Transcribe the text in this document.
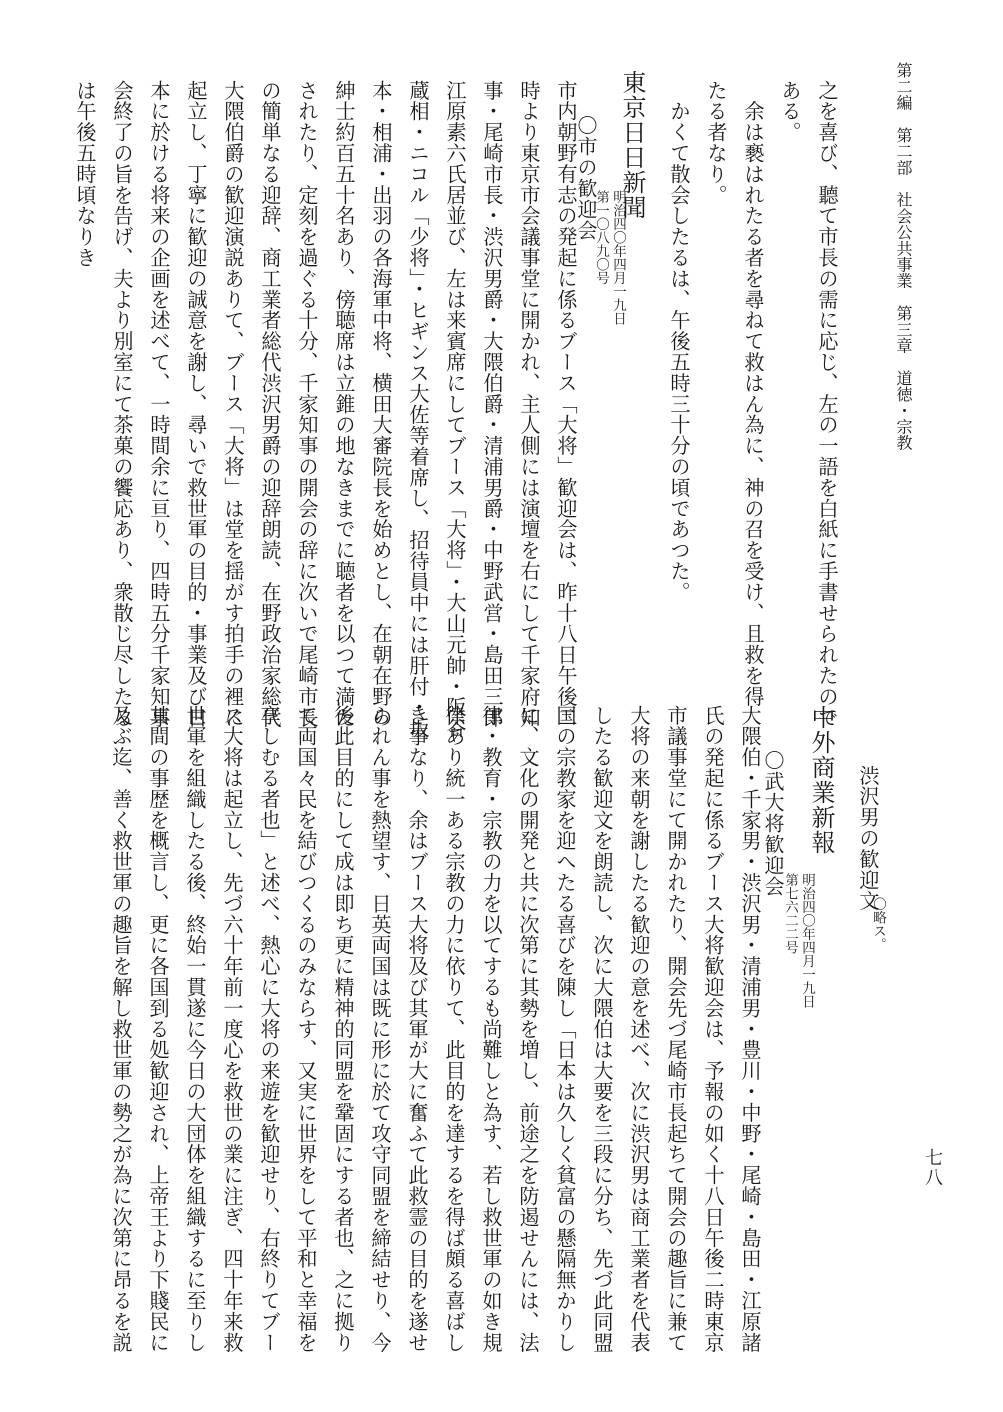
第二編　第二部　社会公共事業　第三章　道徳・宗教
之を喜び、聽て市長の需に応じ、左の一語を白紙に手書せられたので
ある。
　余は褻はれたる者を尋ねて救はん為に、神の召を受け、且救を得
たる者なり。
　かくて散会したるは、午後五時三十分の頃であつた。
東京日日新聞
第一〇八九〇号 明治四〇年四月一九日
〇市の歓迎会
市内朝野有志の発起に係るブース「大将」歓迎会は、昨十八日午後二
時より東京市会議事堂に開かれ、主人側には演壇を右にして千家府知
事・尾崎市長・渋沢男爵・大隈伯爵・清浦男爵・中野武営・島田三郎
江原素六氏居並び、左は来賓席にしてブース「大将」・大山元帥・阪谷
蔵相・ニコル「少将」・ヒギンス大佐等着席し、招待員中には肝付・坂
本・相浦・出羽の各海軍中将、横田大審院長を始めとし、在朝在野の
紳士約百五十名あり、傍聴席は立錐の地なきまでに聴者を以つて満た
されたり、定刻を過ぐる十分、千家知事の開会の辞に次いで尾崎市長
の簡単なる迎辞、商工業者総代渋沢男爵の迎辞朗読、在野政治家総代
大隈伯爵の歓迎演説ありて、ブース「大将」は堂を揺がす拍手の裡に
起立し、丁寧に歓迎の誠意を謝し、尋いで救世軍の目的・事業及び日
本に於ける将来の企画を述べて、一時間余に亘り、四時五分千家知事
会終了の旨を告げ、夫より別室にて茶菓の饗応あり、衆散じ尽したる
は午後五時頃なりき
渋沢男の歓迎文
〇略ス。
中外商業新報
第七六二二号 明治四〇年四月一九日
〇武大将歓迎会
大隈伯・千家男・渋沢男・清浦男・豊川・中野・尾崎・島田・江原諸
氏の発起に係るブース大将歓迎会は、予報の如く十八日午後二時東京
市議事堂にて開かれたり、開会先づ尾崎市長起ちて開会の趣旨に兼て
大将の来朝を謝したる歓迎の意を述べ、次に渋沢男は商工業者を代表
したる歓迎文を朗読し、次に大隈伯は大要を三段に分ち、先づ此同盟
国の宗教家を迎へたる喜びを陳し「日本は久しく貧富の懸隔無かりし
に、文化の開発と共に次第に其勢を増し、前途之を防遏せんには、法
律・教育・宗教の力を以てするも尚難しと為す、若し救世軍の如き規
律あり統一ある宗教の力に依りて、此目的を達するを得ば頗る喜ばし
き事なり、余はブース大将及び其軍が大に奮ふて此救霊の目的を遂せ
られん事を熱望す、日英両国は既に形に於て攻守同盟を締結せり、今
後此目的にして成は即ち更に精神的同盟を鞏固にする者也、之に拠り
て両国々民を結びつくるのみならす、又実に世界をして平和と幸福を
享しむる者也」と述べ、熱心に大将の来遊を歓迎せり、右終りてブー
ス大将は起立し、先づ六十年前一度心を救世の業に注ぎ、四十年来救
世軍を組織したる後、終始一貫遂に今日の大団体を組織するに至りし
其間の事歴を概言し、更に各国到る処歓迎され、上帝王より下賤民に
及ぶ迄、善く救世軍の趣旨を解し救世軍の勢之が為に次第に昂るを説	七八
